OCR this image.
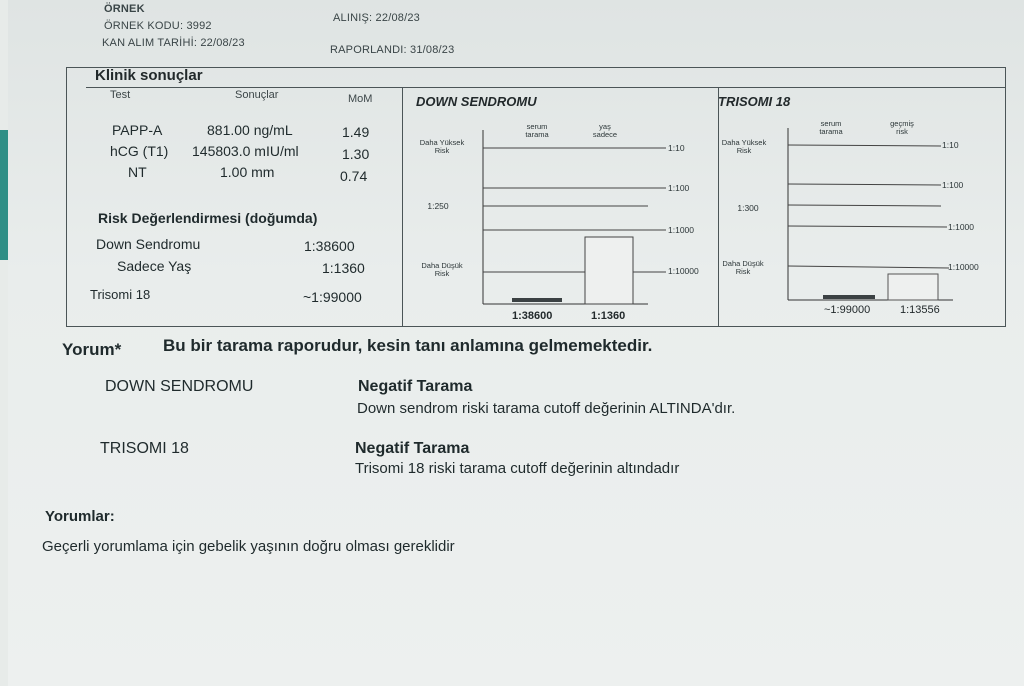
ÖRNEK
ÖRNEK KODU: 3992
KAN ALIM TARİHİ: 22/08/23
ALINIŞ: 22/08/23
RAPORLANDI: 31/08/23
Klinik sonuçlar
Test	Sonuçlar	MoM
PAPP-A	881.00 ng/mL	1.49
hCG (T1) 145803.0 mIU/ml	1.30
NT	1.00 mm	0.74
Risk Değerlendirmesi (doğumda)
Down Sendromu	1:38600
Sadece Yaş	1:1360
Trisomi 18	~1:99000
DOWN SENDROMU
Daha Yüksek
Risk
1:250
Daha Düşük
Risk
serum
tarama
yaş
sadece
1:10
1:100
1:1000
1:10000
1:38600	1:1360
TRISOMI 18
Daha Yüksek
Risk
1:300
Daha Düşük
Risk
serum
tarama
geçmiş
risk
1:10
1:100
1:1000
1:10000
~1:99000	1:13556
Yorum* Bu bir tarama raporudur, kesin tanı anlamına gelmemektedir.
DOWN SENDROMU	Negatif Tarama
Down sendrom riski tarama cutoff değerinin ALTINDA'dır.
TRISOMI 18	Negatif Tarama
Trisomi 18 riski tarama cutoff değerinin altındadır
Yorumlar:
Geçerli yorumlama için gebelik yaşının doğru olması gereklidir
